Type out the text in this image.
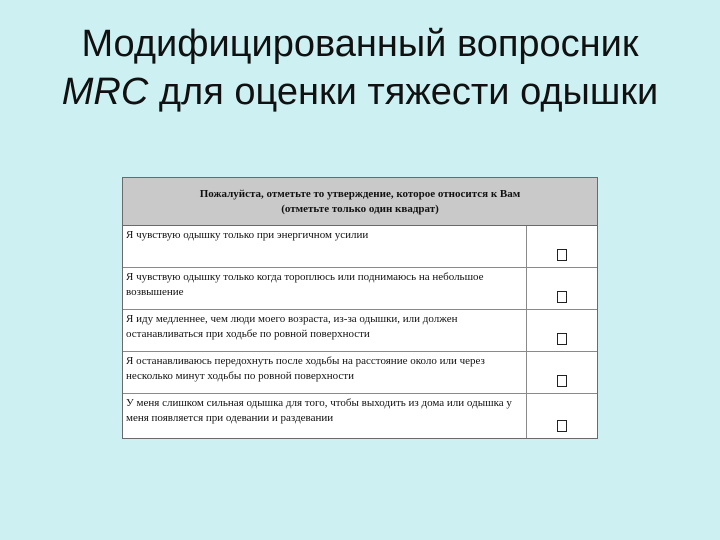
Модифицированный вопросник
MRC для оценки тяжести одышки
Пожалуйста, отметьте то утверждение, которое относится к Вам
(отметьте только один квадрат)
Я чувствую одышку только при энергичном усилии
Я чувствую одышку только когда тороплюсь или поднимаюсь на небольшое возвышение
Я иду медленнее, чем люди моего возраста, из-за одышки, или должен останавливаться при ходьбе по ровной поверхности
Я останавливаюсь передохнуть после ходьбы на расстояние около или через несколько минут ходьбы по ровной поверхности
У меня слишком сильная одышка для того, чтобы выходить из дома или одышка у меня появляется при одевании и раздевании
